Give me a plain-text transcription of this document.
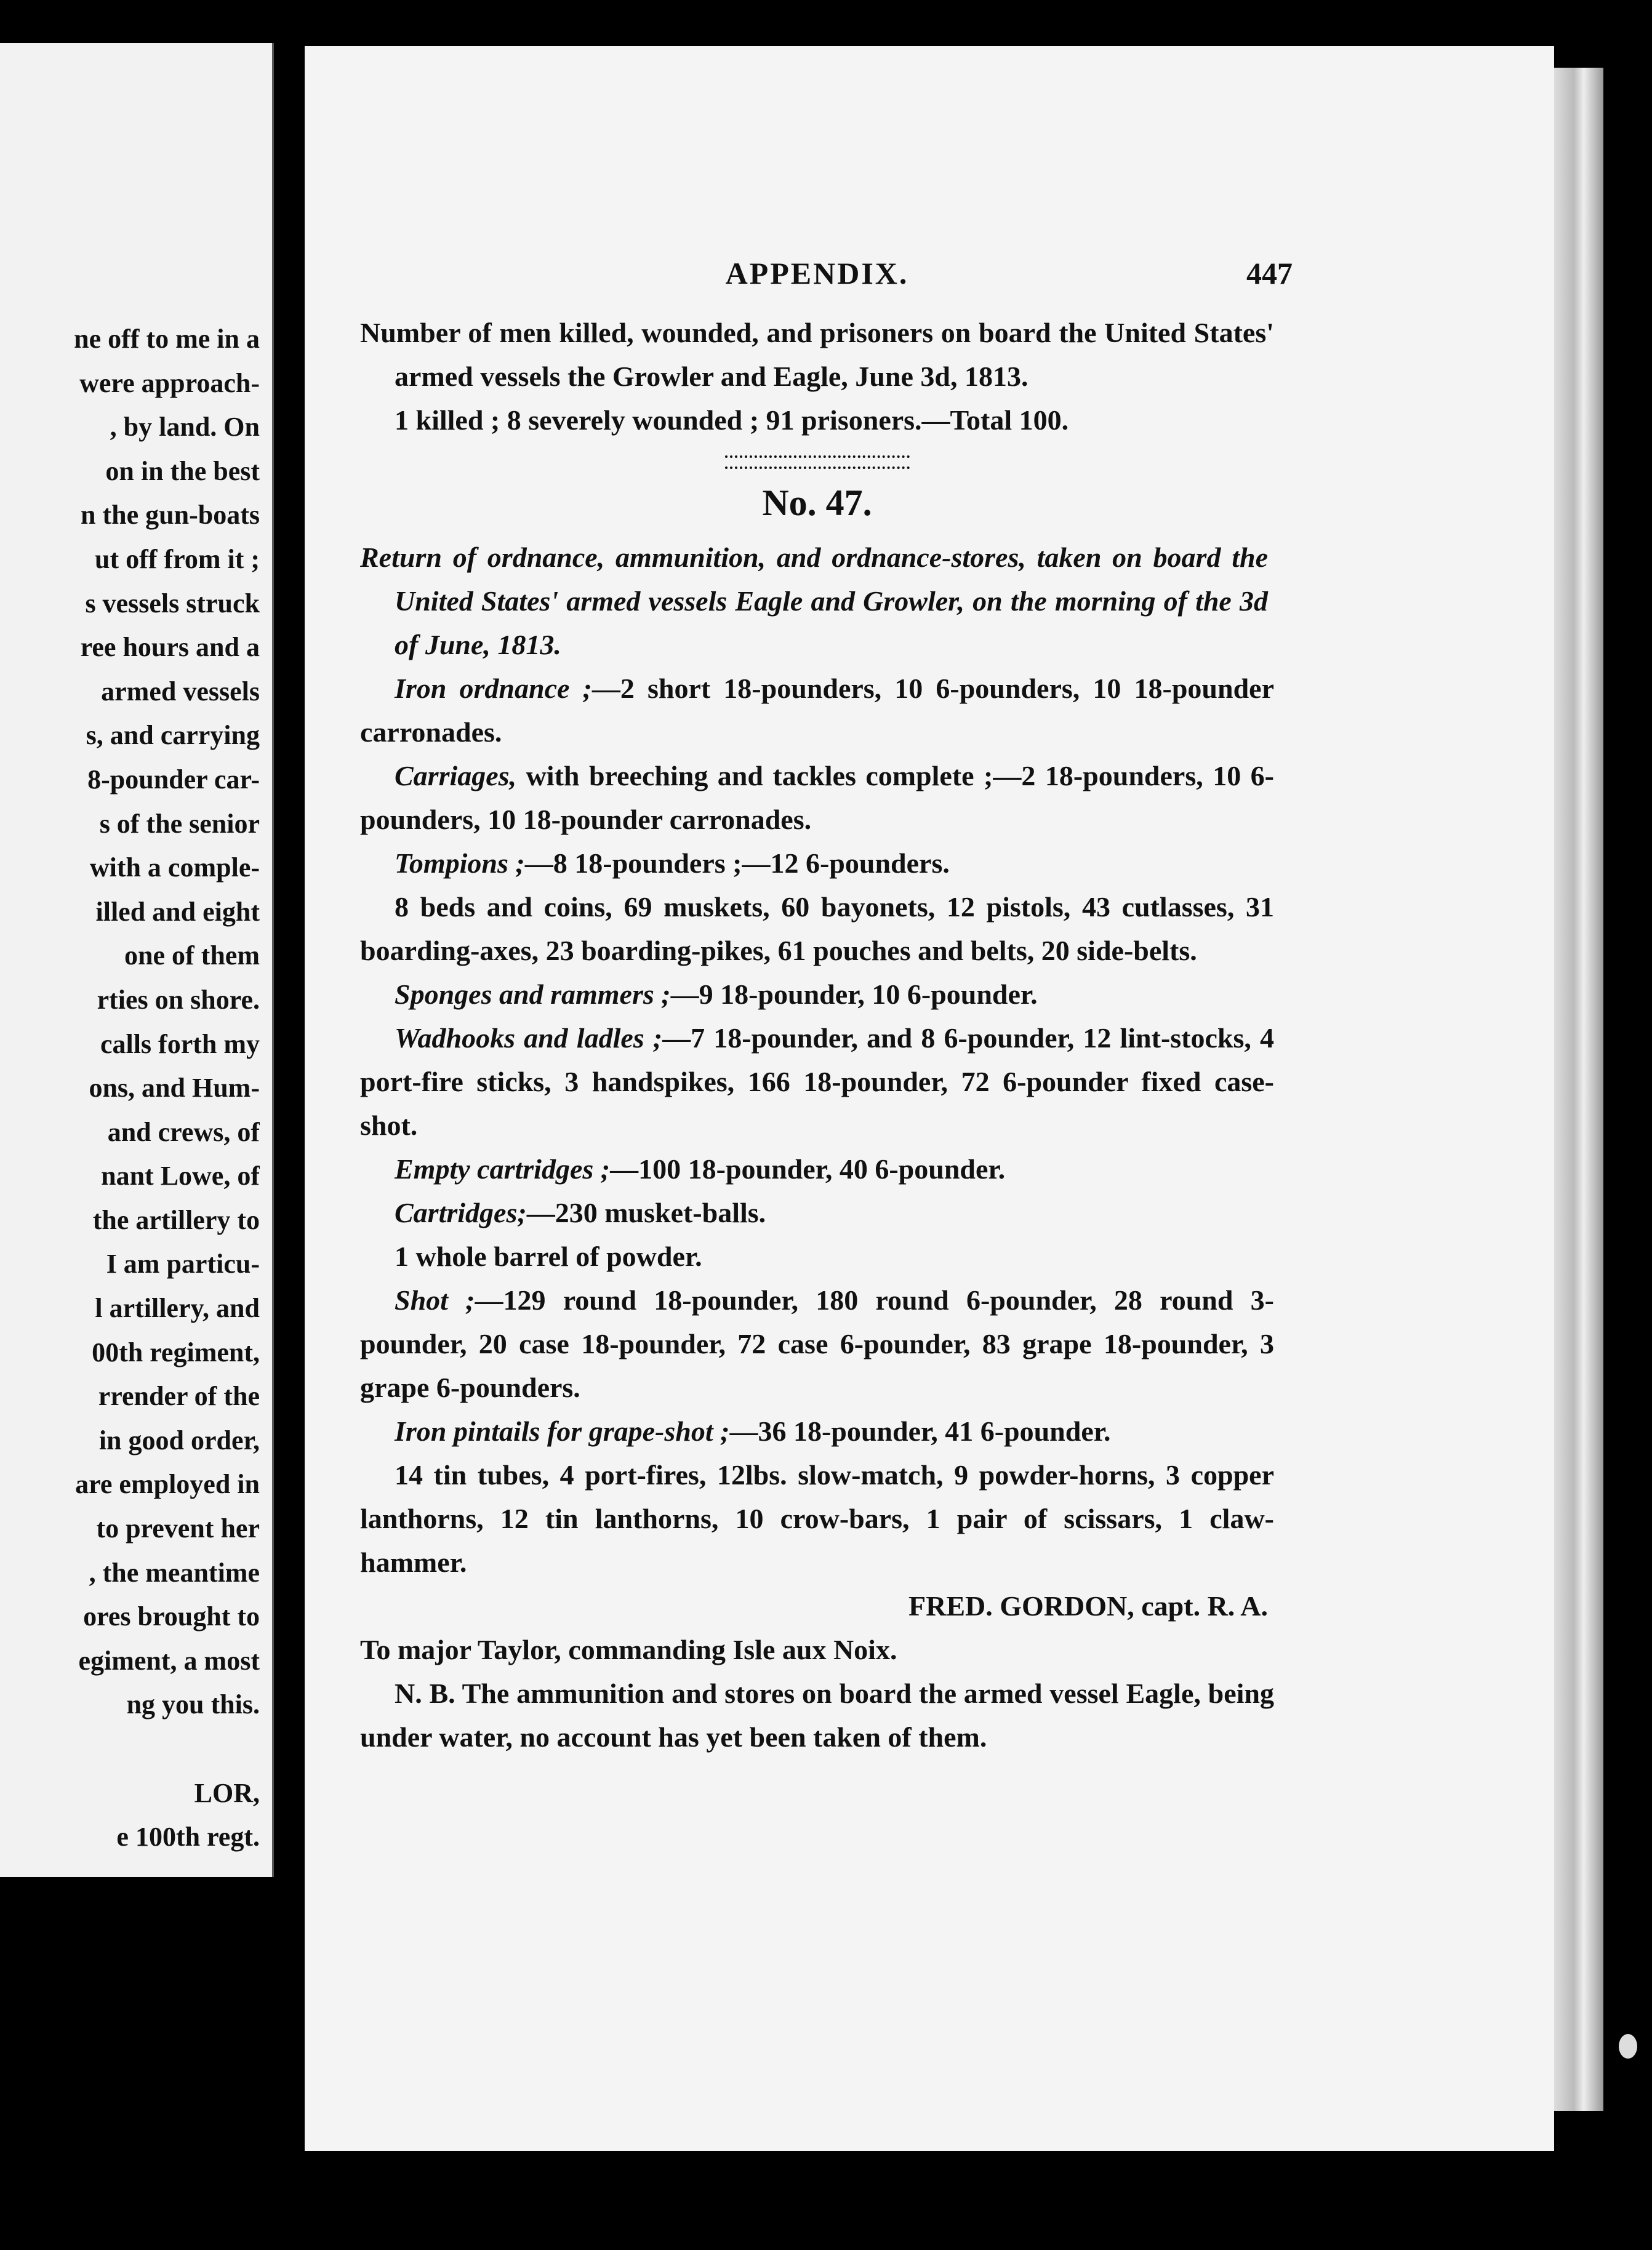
ne off to me in a
were approach-
, by land. On
on in the best
n the gun-boats
ut off from it ;
s vessels struck
ree hours and a
armed vessels
s, and carrying
8-pounder car-
s of the senior
with a comple-
illed and eight
one of them
rties on shore.
calls forth my
ons, and Hum-
and crews, of
nant Lowe, of
the artillery to
I am particu-
l artillery, and
00th regiment,
rrender of the
in good order,
are employed in
to prevent her
, the meantime
ores brought to
egiment, a most
ng you this.
LOR,
e 100th regt.
APPENDIX.	447

Number of men killed, wounded, and prisoners on board the United States' armed vessels the Growler and Eagle, June 3d, 1813.

1 killed ; 8 severely wounded ; 91 prisoners.—Total 100.

No. 47.

Return of ordnance, ammunition, and ordnance-stores, taken on board the United States' armed vessels Eagle and Growler, on the morning of the 3d of June, 1813.

Iron ordnance ;—2 short 18-pounders, 10 6-pounders, 10 18-pounder carronades.

Carriages, with breeching and tackles complete ;—2 18-pounders, 10 6-pounders, 10 18-pounder carronades.

Tompions ;—8 18-pounders ;—12 6-pounders.

8 beds and coins, 69 muskets, 60 bayonets, 12 pistols, 43 cutlasses, 31 boarding-axes, 23 boarding-pikes, 61 pouches and belts, 20 side-belts.

Sponges and rammers ;—9 18-pounder, 10 6-pounder.

Wadhooks and ladles ;—7 18-pounder, and 8 6-pounder, 12 lint-stocks, 4 port-fire sticks, 3 handspikes, 166 18-pounder, 72 6-pounder fixed case-shot.

Empty cartridges ;—100 18-pounder, 40 6-pounder.

Cartridges;—230 musket-balls.

1 whole barrel of powder.

Shot ;—129 round 18-pounder, 180 round 6-pounder, 28 round 3-pounder, 20 case 18-pounder, 72 case 6-pounder, 83 grape 18-pounder, 3 grape 6-pounders.

Iron pintails for grape-shot ;—36 18-pounder, 41 6-pounder.

14 tin tubes, 4 port-fires, 12lbs. slow-match, 9 powder-horns, 3 copper lanthorns, 12 tin lanthorns, 10 crow-bars, 1 pair of scissars, 1 claw-hammer.

FRED. GORDON, capt. R. A.

To major Taylor, commanding Isle aux Noix.

N. B. The ammunition and stores on board the armed vessel Eagle, being under water, no account has yet been taken of them.
